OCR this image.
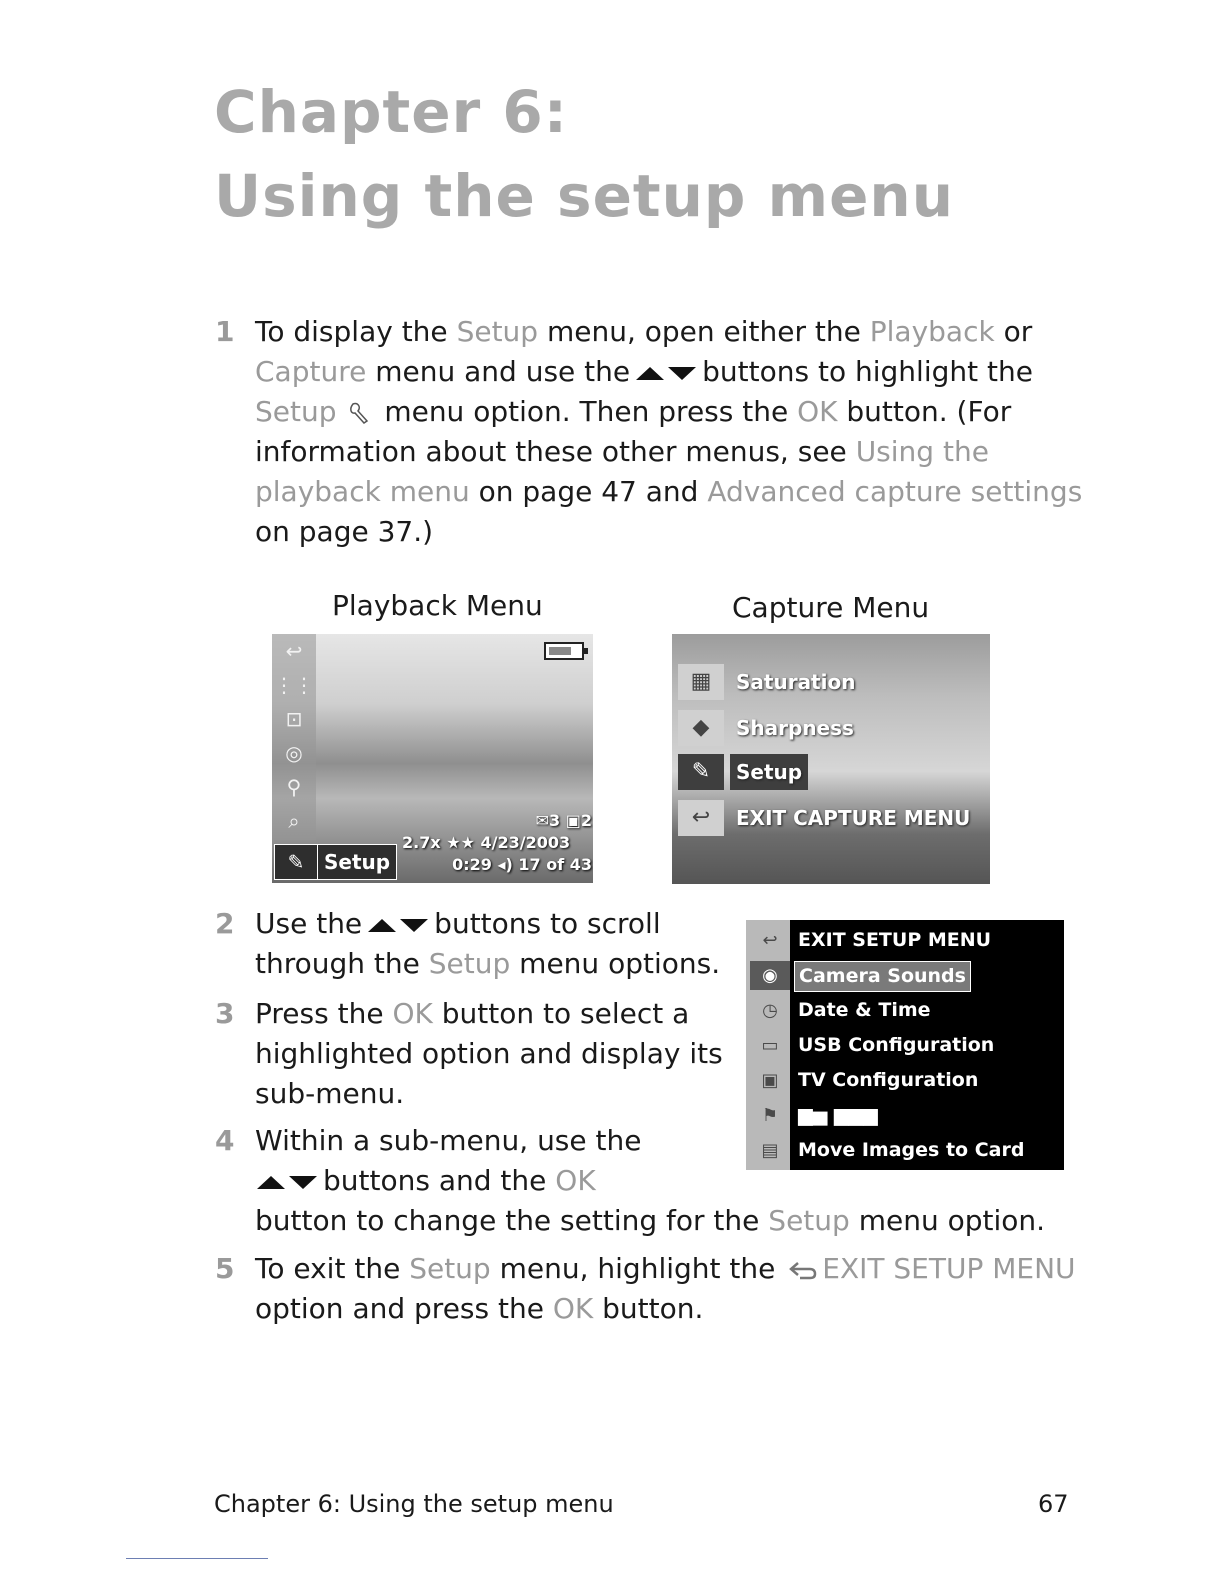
Chapter 6:
Using the setup menu
1 To display the Setup menu, open either the Playback or
Capture menu and use the	buttons to highlight the
Setup menu option. Then press the OK button. (For
information about these other menus, see Using the
playback menu on page 47 and Advanced capture settings
on page 37.)
Playback Menu	Capture Menu
↩
⋮⋮
⊡
◎
⚲
⌕
✎ Setup
✉3 ▣2
2.7x ★★ 4/23/2003
0:29 ◂) 17 of 43
▦	Saturation
◆	Sharpness
✎	Setup
↩	EXIT CAPTURE MENU
2 Use the	buttons to scroll
through the Setup menu options.
3 Press the OK button to select a
highlighted option and display its
sub-menu.
4 Within a sub-menu, use the
buttons and the OK
button to change the setting for the Setup menu option.
↩	EXIT SETUP MENU
◉	Camera Sounds
◷	Date & Time
▭	USB Configuration
▣	TV Configuration
⚑	▆▅ ▆▆▆
▤	Move Images to Card
5 To exit the Setup menu, highlight the EXIT SETUP MENU
option and press the OK button.
Chapter 6: Using the setup menu	67
